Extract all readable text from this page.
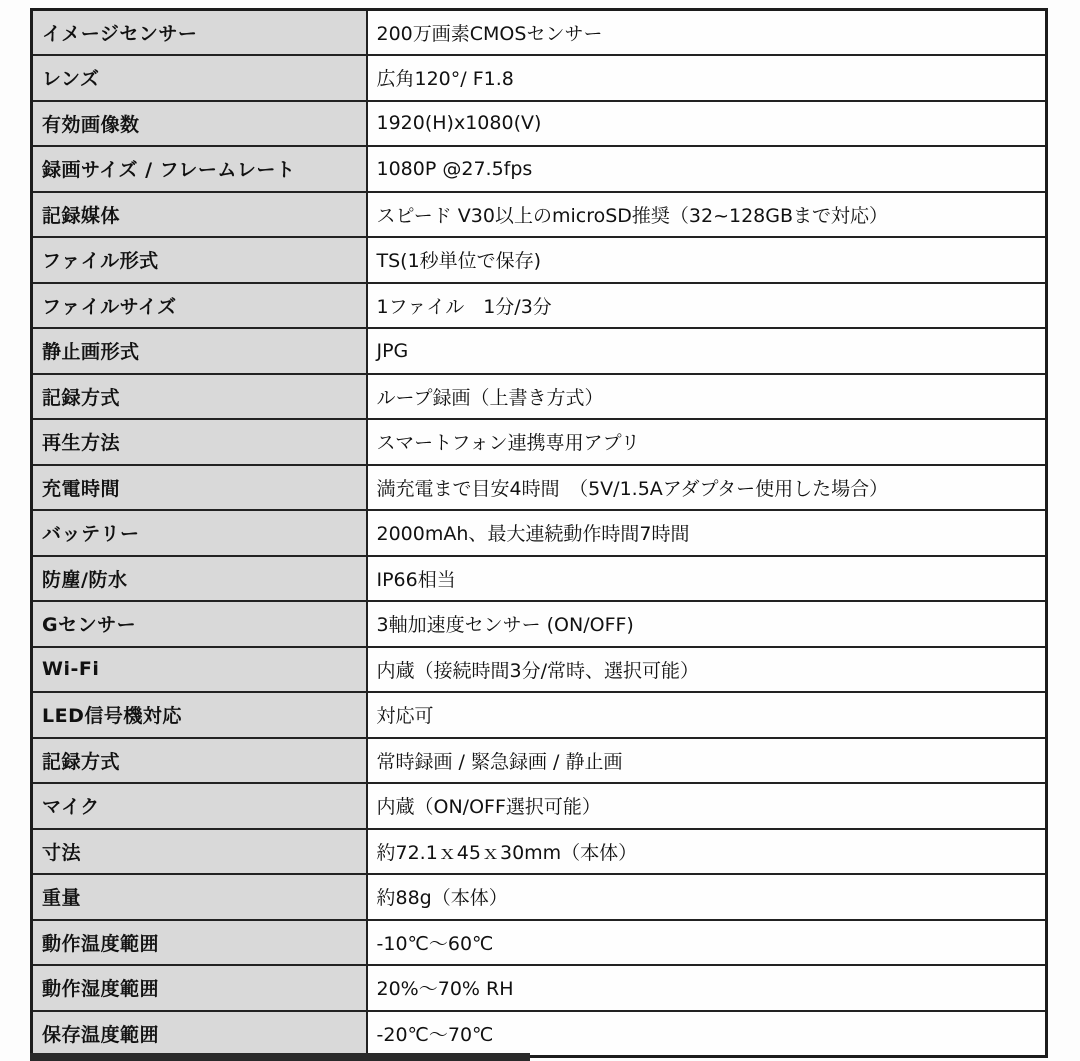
イメージセンサー	200万画素CMOSセンサー
レンズ	広角120°/ F1.8
有効画像数	1920(H)x1080(V)
録画サイズ / フレームレート	1080P @27.5fps
記録媒体	スピード V30以上のmicroSD推奨（32~128GBまで対応）
ファイル形式	TS(1秒単位で保存)
ファイルサイズ	1ファイル　1分/3分
静止画形式	JPG
記録方式	ループ録画（上書き方式）
再生方法	スマートフォン連携専用アプリ
充電時間	満充電まで目安4時間　（5V/1.5Aアダプター使用した場合）
バッテリー	2000mAh、最大連続動作時間7時間
防塵/防水	IP66相当
Gセンサー	3軸加速度センサー (ON/OFF)
Wi-Fi	内蔵（接続時間3分/常時、選択可能）
LED信号機対応	対応可
記録方式	常時録画 / 緊急録画 / 静止画
マイク	内蔵（ON/OFF選択可能）
寸法	約72.1ｘ45ｘ30mm（本体）
重量	約88g（本体）
動作温度範囲	-10℃～60℃
動作湿度範囲	20%～70% RH
保存温度範囲	-20℃～70℃
